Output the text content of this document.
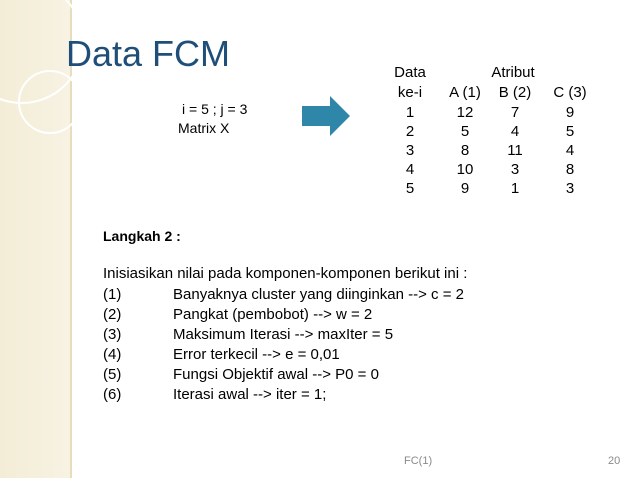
Data FCM
i = 5 ; j = 3
Matrix X
Data	Atribut
ke-i	A (1)	B (2)	C (3)
1	12	7	9
2	5	4	5
3	8	11	4
4	10	3	8
5	9	1	3
Langkah 2 :
Inisiasikan nilai pada komponen-komponen berikut ini :
(1)	Banyaknya cluster yang diinginkan --> c = 2
(2)	Pangkat (pembobot) --> w = 2
(3)	Maksimum Iterasi --> maxIter = 5
(4)	Error terkecil --> e = 0,01
(5)	Fungsi Objektif awal --> P0 = 0
(6)	Iterasi awal --> iter = 1;
FC(1)	20
